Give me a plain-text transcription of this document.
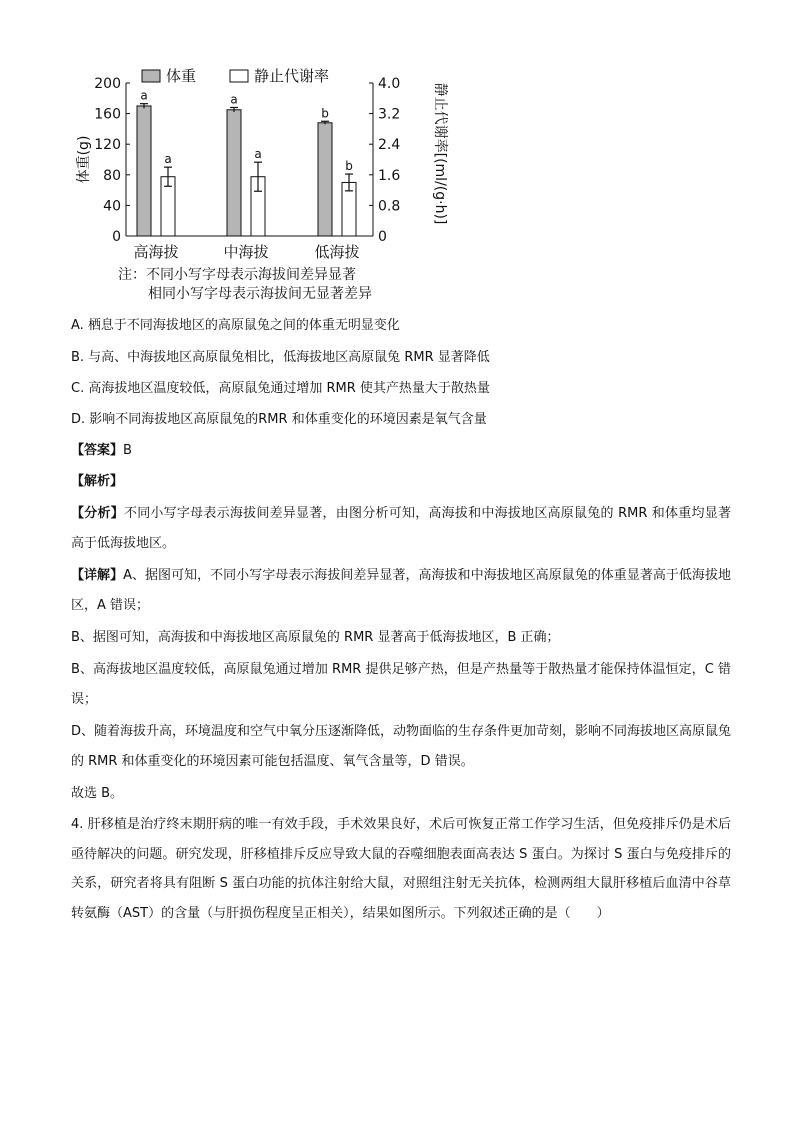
0
40
80
120
160
200
0
0.8
1.6
2.4
3.2
4.0
体重(g)	静止代谢率[(ml/(g·h)]
a
a
高海拔
a
a
中海拔
b
b
低海拔
体重	静止代谢率
注：不同小写字母表示海拔间差异显著
相同小写字母表示海拔间无显著差异
A. 栖息于不同海拔地区的高原鼠兔之间的体重无明显变化
B. 与高、中海拔地区高原鼠兔相比，低海拔地区高原鼠兔 RMR 显著降低
C. 高海拔地区温度较低，高原鼠兔通过增加 RMR 使其产热量大于散热量
D. 影响不同海拔地区高原鼠兔的RMR 和体重变化的环境因素是氧气含量
【答案】B
【解析】
【分析】不同小写字母表示海拔间差异显著，由图分析可知，高海拔和中海拔地区高原鼠兔的 RMR 和体重均显著高于低海拔地区。
【详解】A、据图可知，不同小写字母表示海拔间差异显著，高海拔和中海拔地区高原鼠兔的体重显著高于低海拔地区，A 错误；
B、据图可知，高海拔和中海拔地区高原鼠兔的 RMR 显著高于低海拔地区，B 正确；
B、高海拔地区温度较低，高原鼠兔通过增加 RMR 提供足够产热，但是产热量等于散热量才能保持体温恒定，C 错误；
D、随着海拔升高，环境温度和空气中氧分压逐渐降低，动物面临的生存条件更加苛刻，影响不同海拔地区高原鼠兔的 RMR 和体重变化的环境因素可能包括温度、氧气含量等，D 错误。
故选 B。
4. 肝移植是治疗终末期肝病的唯一有效手段，手术效果良好，术后可恢复正常工作学习生活，但免疫排斥仍是术后亟待解决的问题。研究发现，肝移植排斥反应导致大鼠的吞噬细胞表面高表达 S 蛋白。为探讨 S 蛋白与免疫排斥的关系，研究者将具有阻断 S 蛋白功能的抗体注射给大鼠，对照组注射无关抗体，检测两组大鼠肝移植后血清中谷草转氨酶（AST）的含量（与肝损伤程度呈正相关），结果如图所示。下列叙述正确的是（　　）
